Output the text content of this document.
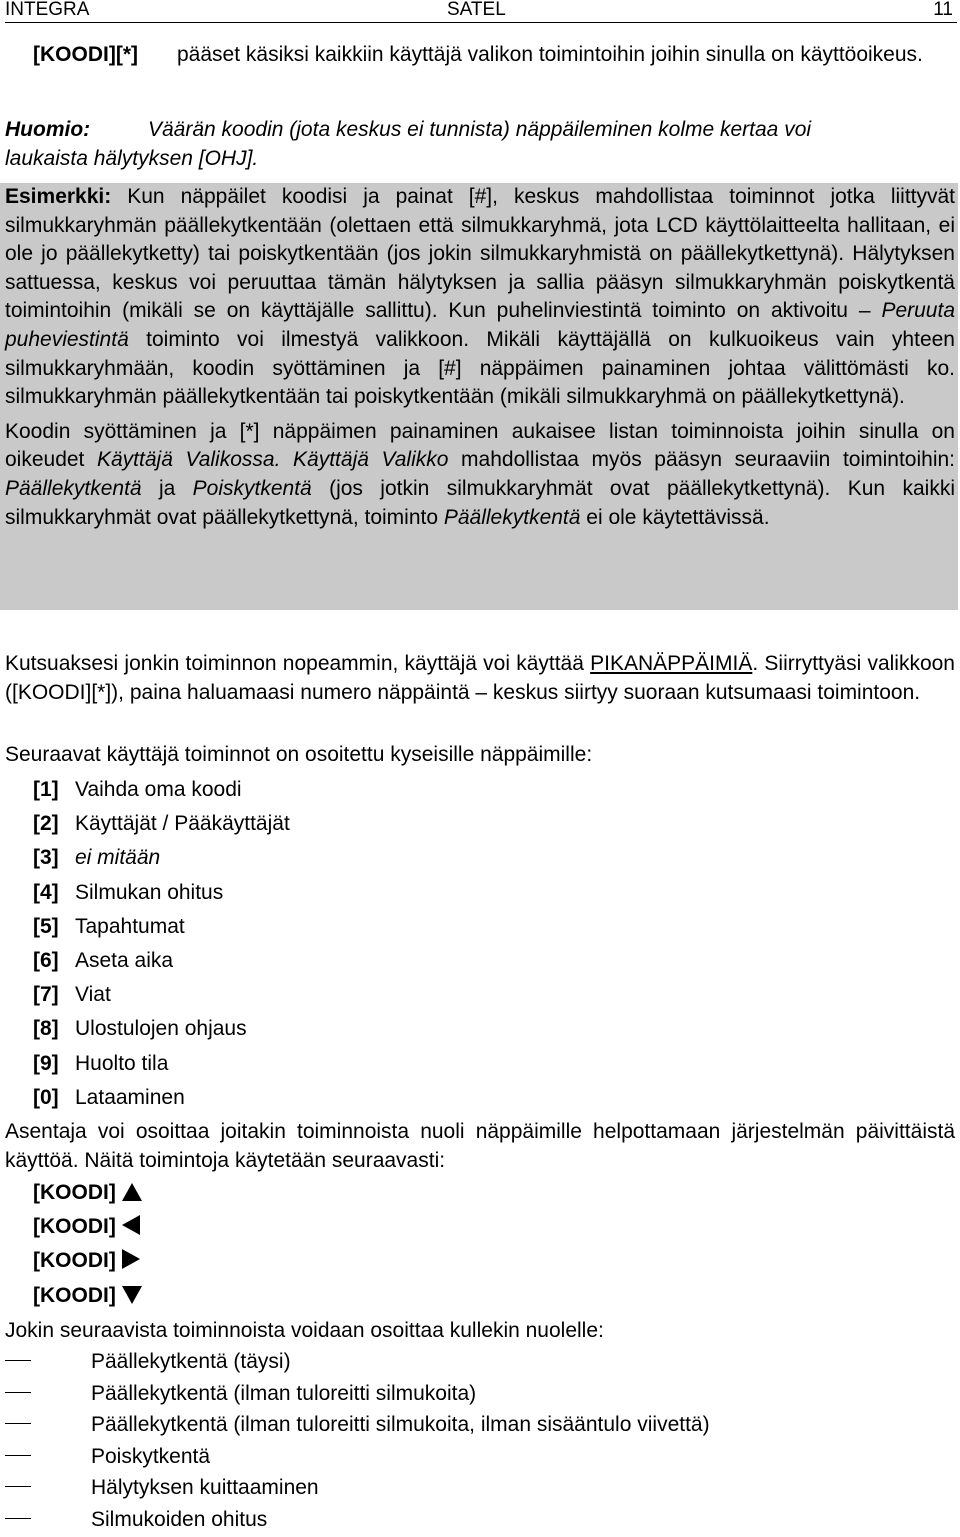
INTEGRA	SATEL	11
[KOODI][*] pääset käsiksi kaikkiin käyttäjä valikon toimintoihin joihin sinulla on käyttöoikeus.
Huomio:	Väärän koodin (jota keskus ei tunnista) näppäileminen kolme kertaa voi
laukaista hälytyksen [OHJ].
Esimerkki: Kun näppäilet koodisi ja painat [#], keskus mahdollistaa toiminnot jotka liittyvät silmukkaryhmän päällekytkentään (olettaen että silmukkaryhmä, jota LCD käyttölaitteelta hallitaan, ei ole jo päällekytketty) tai poiskytkentään (jos jokin silmukkaryhmistä on päällekytkettynä). Hälytyksen sattuessa, keskus voi peruuttaa tämän hälytyksen ja sallia pääsyn silmukkaryhmän poiskytkentä toimintoihin (mikäli se on käyttäjälle sallittu). Kun puhelinviestintä toiminto on aktivoitu – Peruuta puheviestintä toiminto voi ilmestyä valikkoon. Mikäli käyttäjällä on kulkuoikeus vain yhteen silmukkaryhmään, koodin syöttäminen ja [#] näppäimen painaminen johtaa välittömästi ko. silmukkaryhmän päällekytkentään tai poiskytkentään (mikäli silmukkaryhmä on päällekytkettynä).
Koodin syöttäminen ja [*] näppäimen painaminen aukaisee listan toiminnoista joihin sinulla on oikeudet Käyttäjä Valikossa. Käyttäjä Valikko mahdollistaa myös pääsyn seuraaviin toimintoihin: Päällekytkentä ja Poiskytkentä (jos jotkin silmukkaryhmät ovat päällekytkettynä). Kun kaikki silmukkaryhmät ovat päällekytkettynä, toiminto Päällekytkentä ei ole käytettävissä.
Kutsuaksesi jonkin toiminnon nopeammin, käyttäjä voi käyttää PIKANÄPPÄIMIÄ. Siirryttyäsi valikkoon ([KOODI][*]), paina haluamaasi numero näppäintä – keskus siirtyy suoraan kutsumaasi toimintoon.
Seuraavat käyttäjä toiminnot on osoitettu kyseisille näppäimille:
[1] Vaihda oma koodi
[2] Käyttäjät / Pääkäyttäjät
[3] ei mitään
[4] Silmukan ohitus
[5] Tapahtumat
[6] Aseta aika
[7] Viat
[8] Ulostulojen ohjaus
[9] Huolto tila
[0] Lataaminen
Asentaja voi osoittaa joitakin toiminnoista nuoli näppäimille helpottamaan järjestelmän päivittäistä käyttöä. Näitä toimintoja käytetään seuraavasti:
[KOODI]
[KOODI]
[KOODI]
[KOODI]
Jokin seuraavista toiminnoista voidaan osoittaa kullekin nuolelle:
Päällekytkentä (täysi)
Päällekytkentä (ilman tuloreitti silmukoita)
Päällekytkentä (ilman tuloreitti silmukoita, ilman sisääntulo viivettä)
Poiskytkentä
Hälytyksen kuittaaminen
Silmukoiden ohitus
